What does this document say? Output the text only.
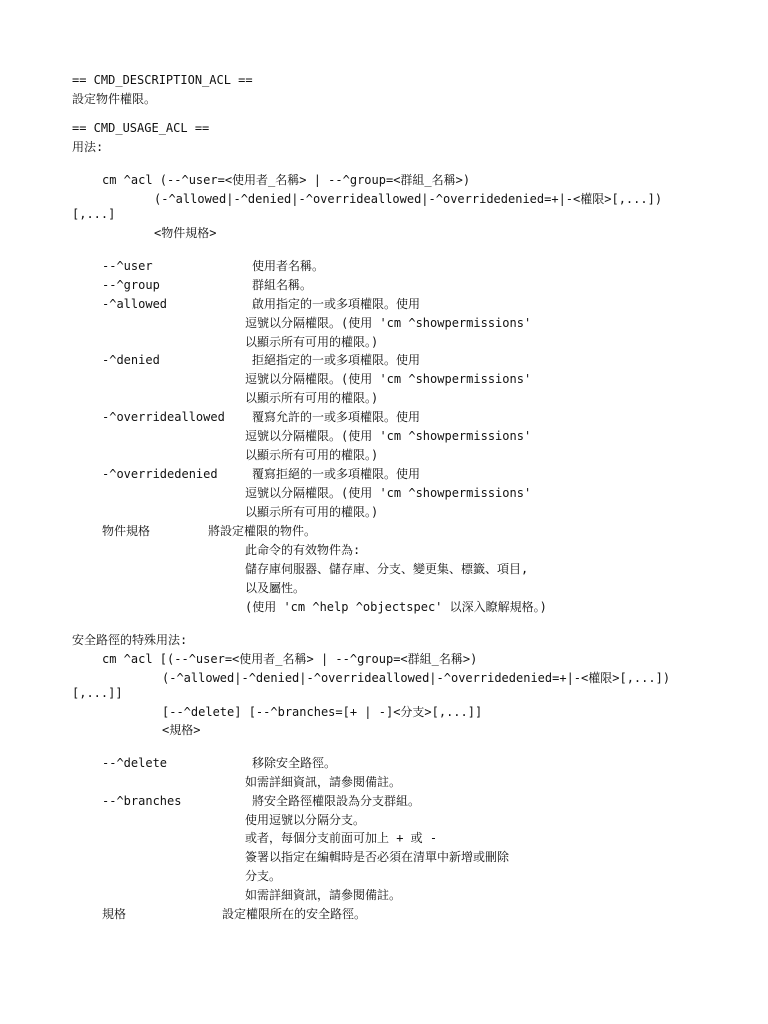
== CMD_DESCRIPTION_ACL ==
設定物件權限。
== CMD_USAGE_ACL ==
用法:
cm ^acl (--^user=<使用者_名稱> | --^group=<群組_名稱>)
(-^allowed|-^denied|-^overrideallowed|-^overridedenied=+|-<權限>[,...])
[,...]
<物件規格>
--^user	使用者名稱。
--^group	群組名稱。
-^allowed	啟用指定的一或多項權限。使用
逗號以分隔權限。(使用 'cm ^showpermissions'
以顯示所有可用的權限。)
-^denied	拒絕指定的一或多項權限。使用
逗號以分隔權限。(使用 'cm ^showpermissions'
以顯示所有可用的權限。)
-^overrideallowed 覆寫允許的一或多項權限。使用
逗號以分隔權限。(使用 'cm ^showpermissions'
以顯示所有可用的權限。)
-^overridedenied	覆寫拒絕的一或多項權限。使用
逗號以分隔權限。(使用 'cm ^showpermissions'
以顯示所有可用的權限。)
物件規格	將設定權限的物件。
此命令的有效物件為:
儲存庫伺服器、儲存庫、分支、變更集、標籤、項目,
以及屬性。
(使用 'cm ^help ^objectspec' 以深入瞭解規格。)
安全路徑的特殊用法:
cm ^acl [(--^user=<使用者_名稱> | --^group=<群組_名稱>)
(-^allowed|-^denied|-^overrideallowed|-^overridedenied=+|-<權限>[,...])
[,...]]
[--^delete] [--^branches=[+ | -]<分支>[,...]]
<規格>
--^delete	移除安全路徑。
如需詳細資訊，請參閱備註。
--^branches	將安全路徑權限設為分支群組。
使用逗號以分隔分支。
或者，每個分支前面可加上 + 或 -
簽署以指定在編輯時是否必須在清單中新增或刪除
分支。
如需詳細資訊，請參閱備註。
規格	設定權限所在的安全路徑。
